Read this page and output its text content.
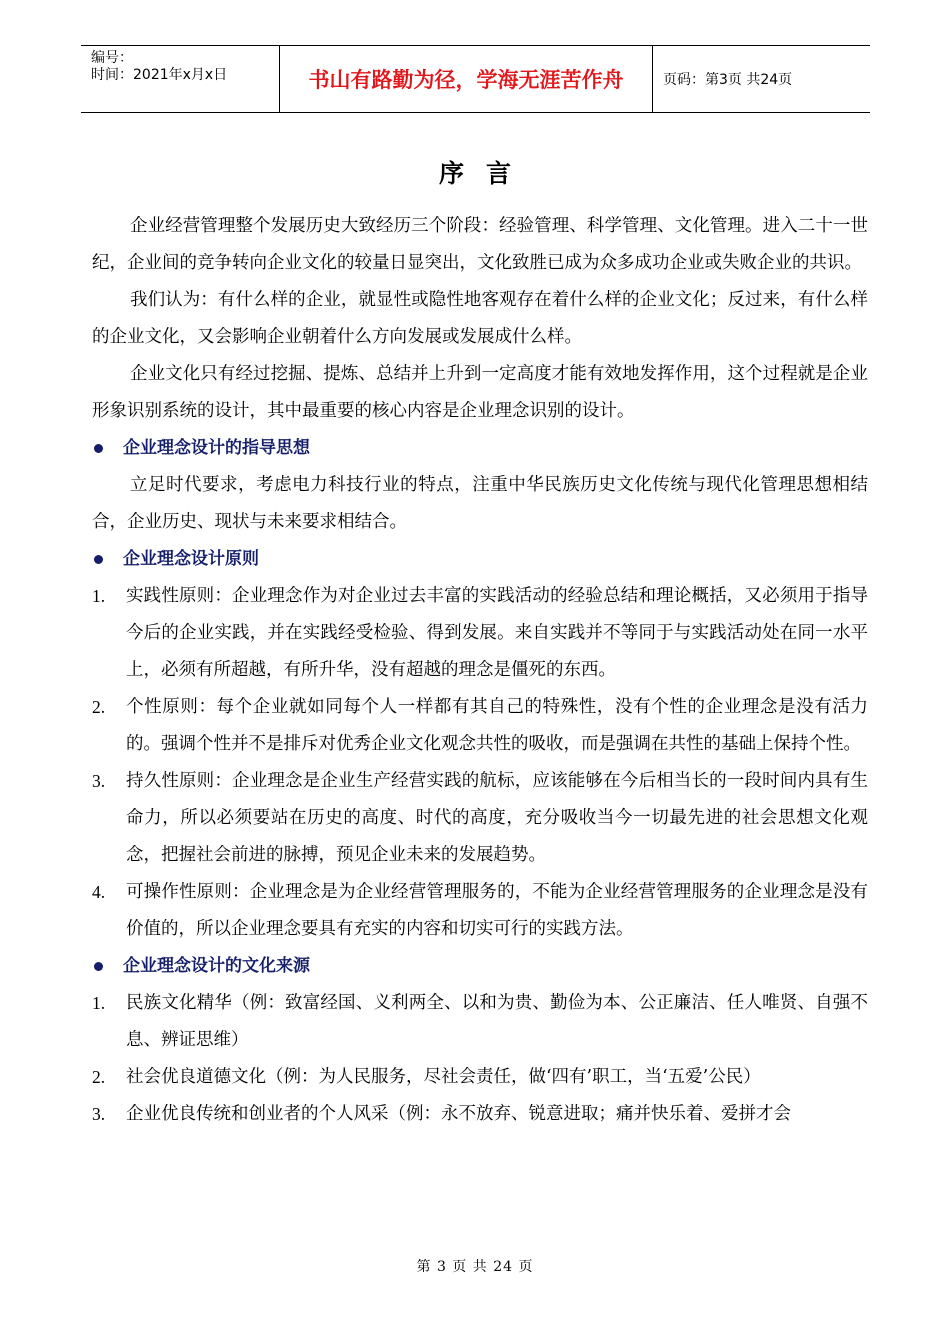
编号：
时间：2021年x月x日	书山有路勤为径，学海无涯苦作舟	页码：第3页 共24页
序言

企业经营管理整个发展历史大致经历三个阶段：经验管理、科学管理、文化管理。进入二十一世纪，企业间的竞争转向企业文化的较量日显突出，文化致胜已成为众多成功企业或失败企业的共识。

我们认为：有什么样的企业，就显性或隐性地客观存在着什么样的企业文化；反过来，有什么样的企业文化，又会影响企业朝着什么方向发展或发展成什么样。

企业文化只有经过挖掘、提炼、总结并上升到一定高度才能有效地发挥作用，这个过程就是企业形象识别系统的设计，其中最重要的核心内容是企业理念识别的设计。

企业理念设计的指导思想

立足时代要求，考虑电力科技行业的特点，注重中华民族历史文化传统与现代化管理思想相结合，企业历史、现状与未来要求相结合。

企业理念设计原则
1.	实践性原则：企业理念作为对企业过去丰富的实践活动的经验总结和理论概括，又必须用于指导今后的企业实践，并在实践经受检验、得到发展。来自实践并不等同于与实践活动处在同一水平上，必须有所超越，有所升华，没有超越的理念是僵死的东西。
2.	个性原则：每个企业就如同每个人一样都有其自己的特殊性，没有个性的企业理念是没有活力的。强调个性并不是排斥对优秀企业文化观念共性的吸收，而是强调在共性的基础上保持个性。
3.	持久性原则：企业理念是企业生产经营实践的航标，应该能够在今后相当长的一段时间内具有生命力，所以必须要站在历史的高度、时代的高度，充分吸收当今一切最先进的社会思想文化观念，把握社会前进的脉搏，预见企业未来的发展趋势。
4.	可操作性原则：企业理念是为企业经营管理服务的，不能为企业经营管理服务的企业理念是没有价值的，所以企业理念要具有充实的内容和切实可行的实践方法。
企业理念设计的文化来源
1.	民族文化精华（例：致富经国、义利两全、以和为贵、勤俭为本、公正廉洁、任人唯贤、自强不息、辨证思维）
2.	社会优良道德文化（例：为人民服务，尽社会责任，做‘四有’职工，当‘五爱’公民）
3.	企业优良传统和创业者的个人风采（例：永不放弃、锐意进取；痛并快乐着、爱拼才会
第 3 页 共 24 页
